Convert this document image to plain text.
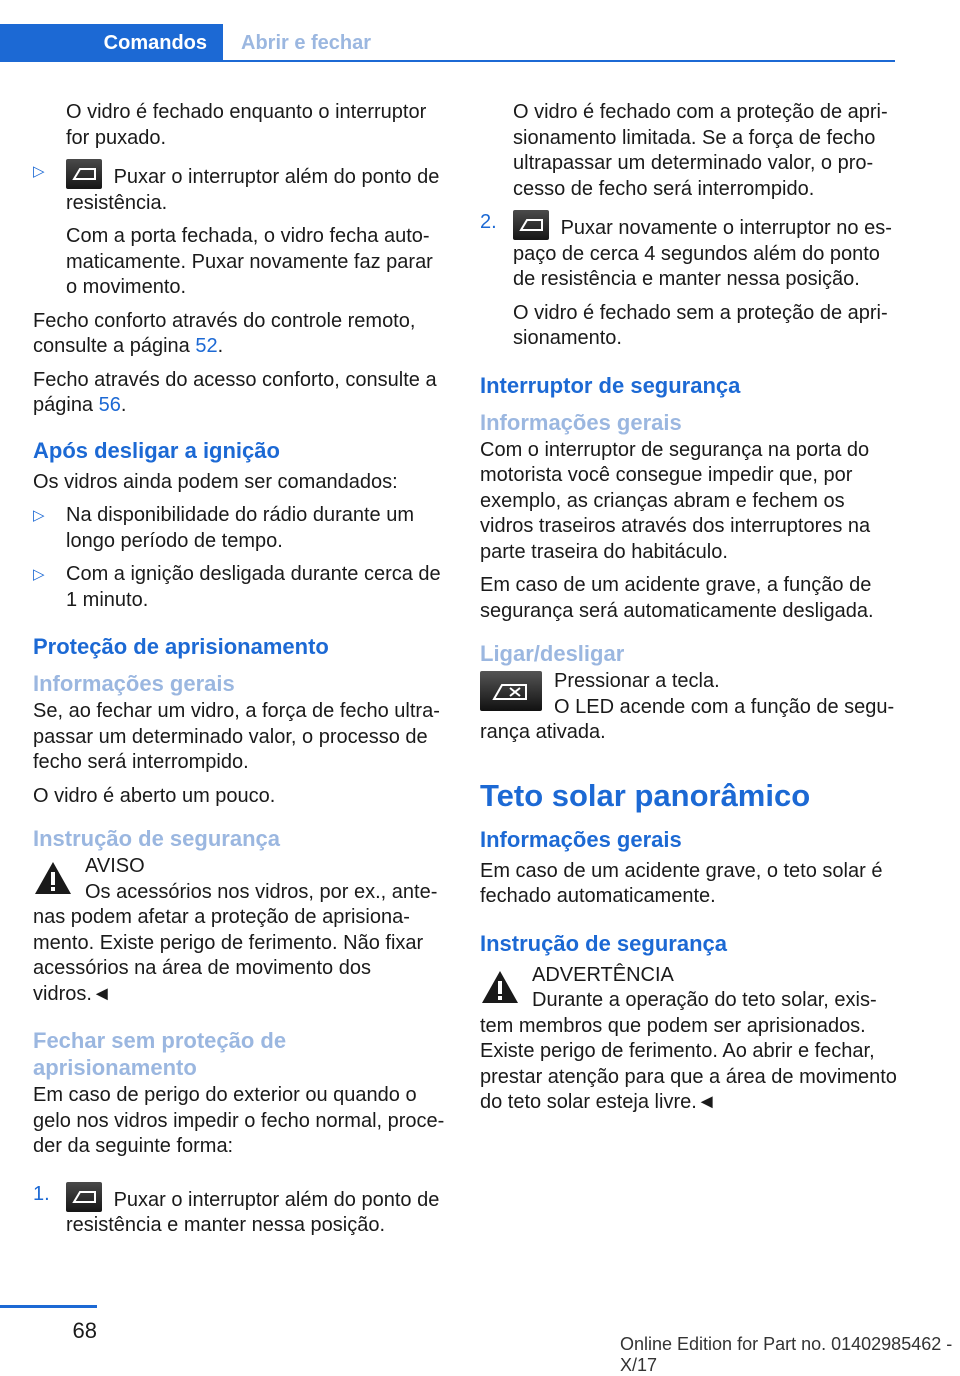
Comandos	Abrir e fechar

O vidro é fechado enquanto o interruptor for puxado.

▷	Puxar o interruptor além do ponto de resistência.

Com a porta fechada, o vidro fecha auto-maticamente. Puxar novamente faz parar o movimento.

Fecho conforto através do controle remoto, consulte a página 52.

Fecho através do acesso conforto, consulte a página 56.

Após desligar a ignição

Os vidros ainda podem ser comandados:

▷ Na disponibilidade do rádio durante um longo período de tempo.
▷ Com a ignição desligada durante cerca de 1 minuto.
Proteção de aprisionamento
Informações gerais

Se, ao fechar um vidro, a força de fecho ultra-passar um determinado valor, o processo de fecho será interrompido.

O vidro é aberto um pouco.

Instrução de segurança
AVISO
Os acessórios nos vidros, por ex., ante-nas podem afetar a proteção de aprisiona-mento. Existe perigo de ferimento. Não fixar acessórios na área de movimento dos vidros.◄
Fechar sem proteção de aprisionamento

Em caso de perigo do exterior ou quando o gelo nos vidros impedir o fecho normal, proce-der da seguinte forma:

1.	Puxar o interruptor além do ponto de resistência e manter nessa posição.

O vidro é fechado com a proteção de apri-sionamento limitada. Se a força de fecho ultrapassar um determinado valor, o pro-cesso de fecho será interrompido.

2.	Puxar novamente o interruptor no es-paço de cerca 4 segundos além do ponto de resistência e manter nessa posição.

O vidro é fechado sem a proteção de apri-sionamento.

Interruptor de segurança
Informações gerais

Com o interruptor de segurança na porta do motorista você consegue impedir que, por exemplo, as crianças abram e fechem os vidros traseiros através dos interruptores na parte traseira do habitáculo.

Em caso de um acidente grave, a função de segurança será automaticamente desligada.

Ligar/desligar
Pressionar a tecla.
O LED acende com a função de segu-rança ativada.
Teto solar panorâmico
Informações gerais

Em caso de um acidente grave, o teto solar é fechado automaticamente.

Instrução de segurança
ADVERTÊNCIA
Durante a operação do teto solar, exis-tem membros que podem ser aprisionados. Existe perigo de ferimento. Ao abrir e fechar, prestar atenção para que a área de movimento do teto solar esteja livre.◄
68
Online Edition for Part no. 01402985462 - X/17
